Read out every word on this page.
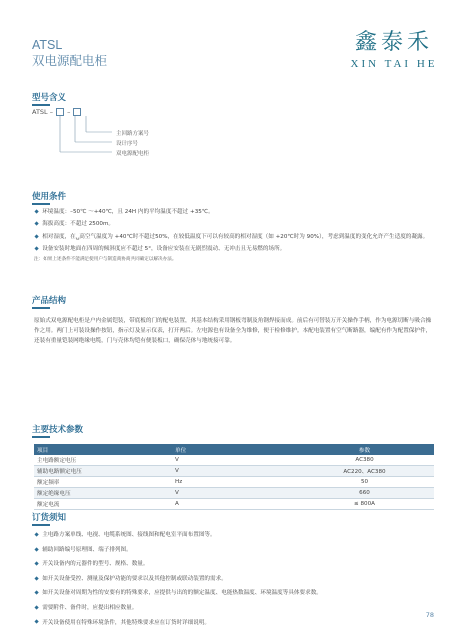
ATSL
双电源配电柜
鑫泰禾
XIN TAI HE
型号含义
ATSL – –
主回路方案号
设计序号
双电源配电柜
使用条件
环境温度：–50℃ ～+40℃，且 24H 内的平均温度不超过 +35℃。
海拔高度：不超过 2500m。
相对湿度，在␣高空气温度为 +40℃时不超过50%，在较低温度下可以有较高的相对湿度（如 +20℃时为 90%），考虑到温度的变化允许产生适度的凝露。
设备安装时地面在四周的倾斜度应不超过 5°，设备应安装在无剧烈震动、无冲击且无易燃的场所。
注：如果上述条件不能满足使用户与制造商协商共同确定以解决办法。
产品结构
原始式双电源配电柜是户内金属铠装，带底板的门的配电装置，其基本结构采用钢板弯制及角钢焊接而成。前后有可替装万开关操作手柄，作为电源切断与吸合操作之用。两门上可装设操作按钮，指示灯及显示仪表，打开两后。左电源也有设备全为维修，便于检修维护。本配电装置有空气断路器，编配有作为配置保护件，还装有重量铠装网绝缘电缆，门与壳体均铠有便装板口，确保壳体与地统接可靠。
主要技术参数
项目	单位	参数
主电路额定电压	V	AC380
辅助电路额定电压	V	AC220、AC380
额定频率	Hz	50
额定绝缘电压	V	660
额定电流	A	≤ 800A
订货须知
主电路方案单线、电视、电缆系统图、接线图和配电室平面布置图等。
辅助回路编号原理图、端子排列图。
开关设备内的元器件的型号、规格、数量。
如开关设备受控、测量及保护功能的要求以及其他控制或联动装置的需求。
如开关设备对周期为性的安要有的特殊要求，应提供与出的的额定温度、电能热数温度、环境温度等具体要求数。
需要附件、备件时，应提出相应数量。
开关设备使用在特殊环境条件，其他特殊要求应在订货时详细说明。
78
